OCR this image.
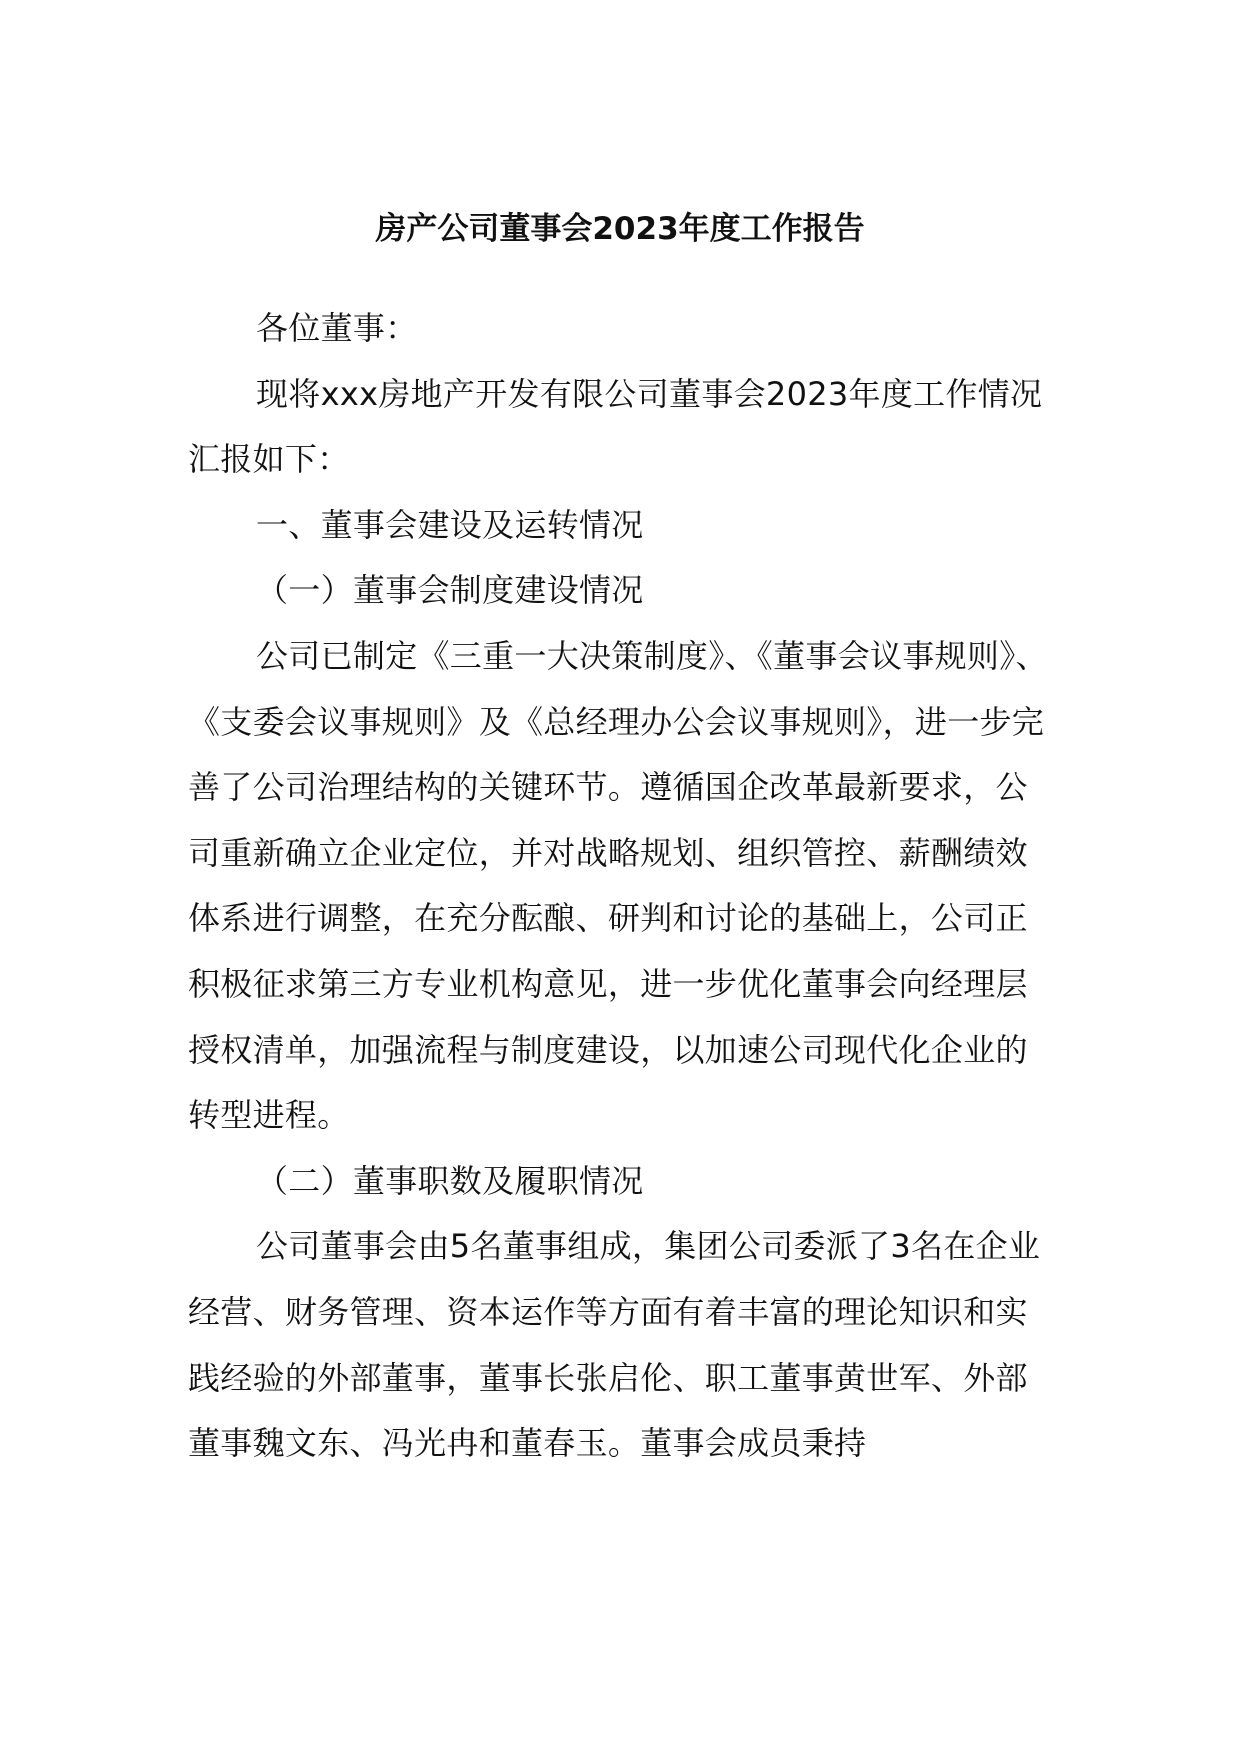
房产公司董事会2023年度工作报告

各位董事：

现将xxx房地产开发有限公司董事会2023年度工作情况汇报如下：

一、董事会建设及运转情况

（一）董事会制度建设情况

公司已制定《三重一大决策制度》、《董事会议事规则》、《支委会议事规则》及《总经理办公会议事规则》，进一步完善了公司治理结构的关键环节。遵循国企改革最新要求，公司重新确立企业定位，并对战略规划、组织管控、薪酬绩效体系进行调整，在充分酝酿、研判和讨论的基础上，公司正积极征求第三方专业机构意见，进一步优化董事会向经理层授权清单，加强流程与制度建设，以加速公司现代化企业的转型进程。

（二）董事职数及履职情况

公司董事会由5名董事组成，集团公司委派了3名在企业经营、财务管理、资本运作等方面有着丰富的理论知识和实践经验的外部董事，董事长张启伦、职工董事黄世军、外部董事魏文东、冯光冉和董春玉。董事会成员秉持
